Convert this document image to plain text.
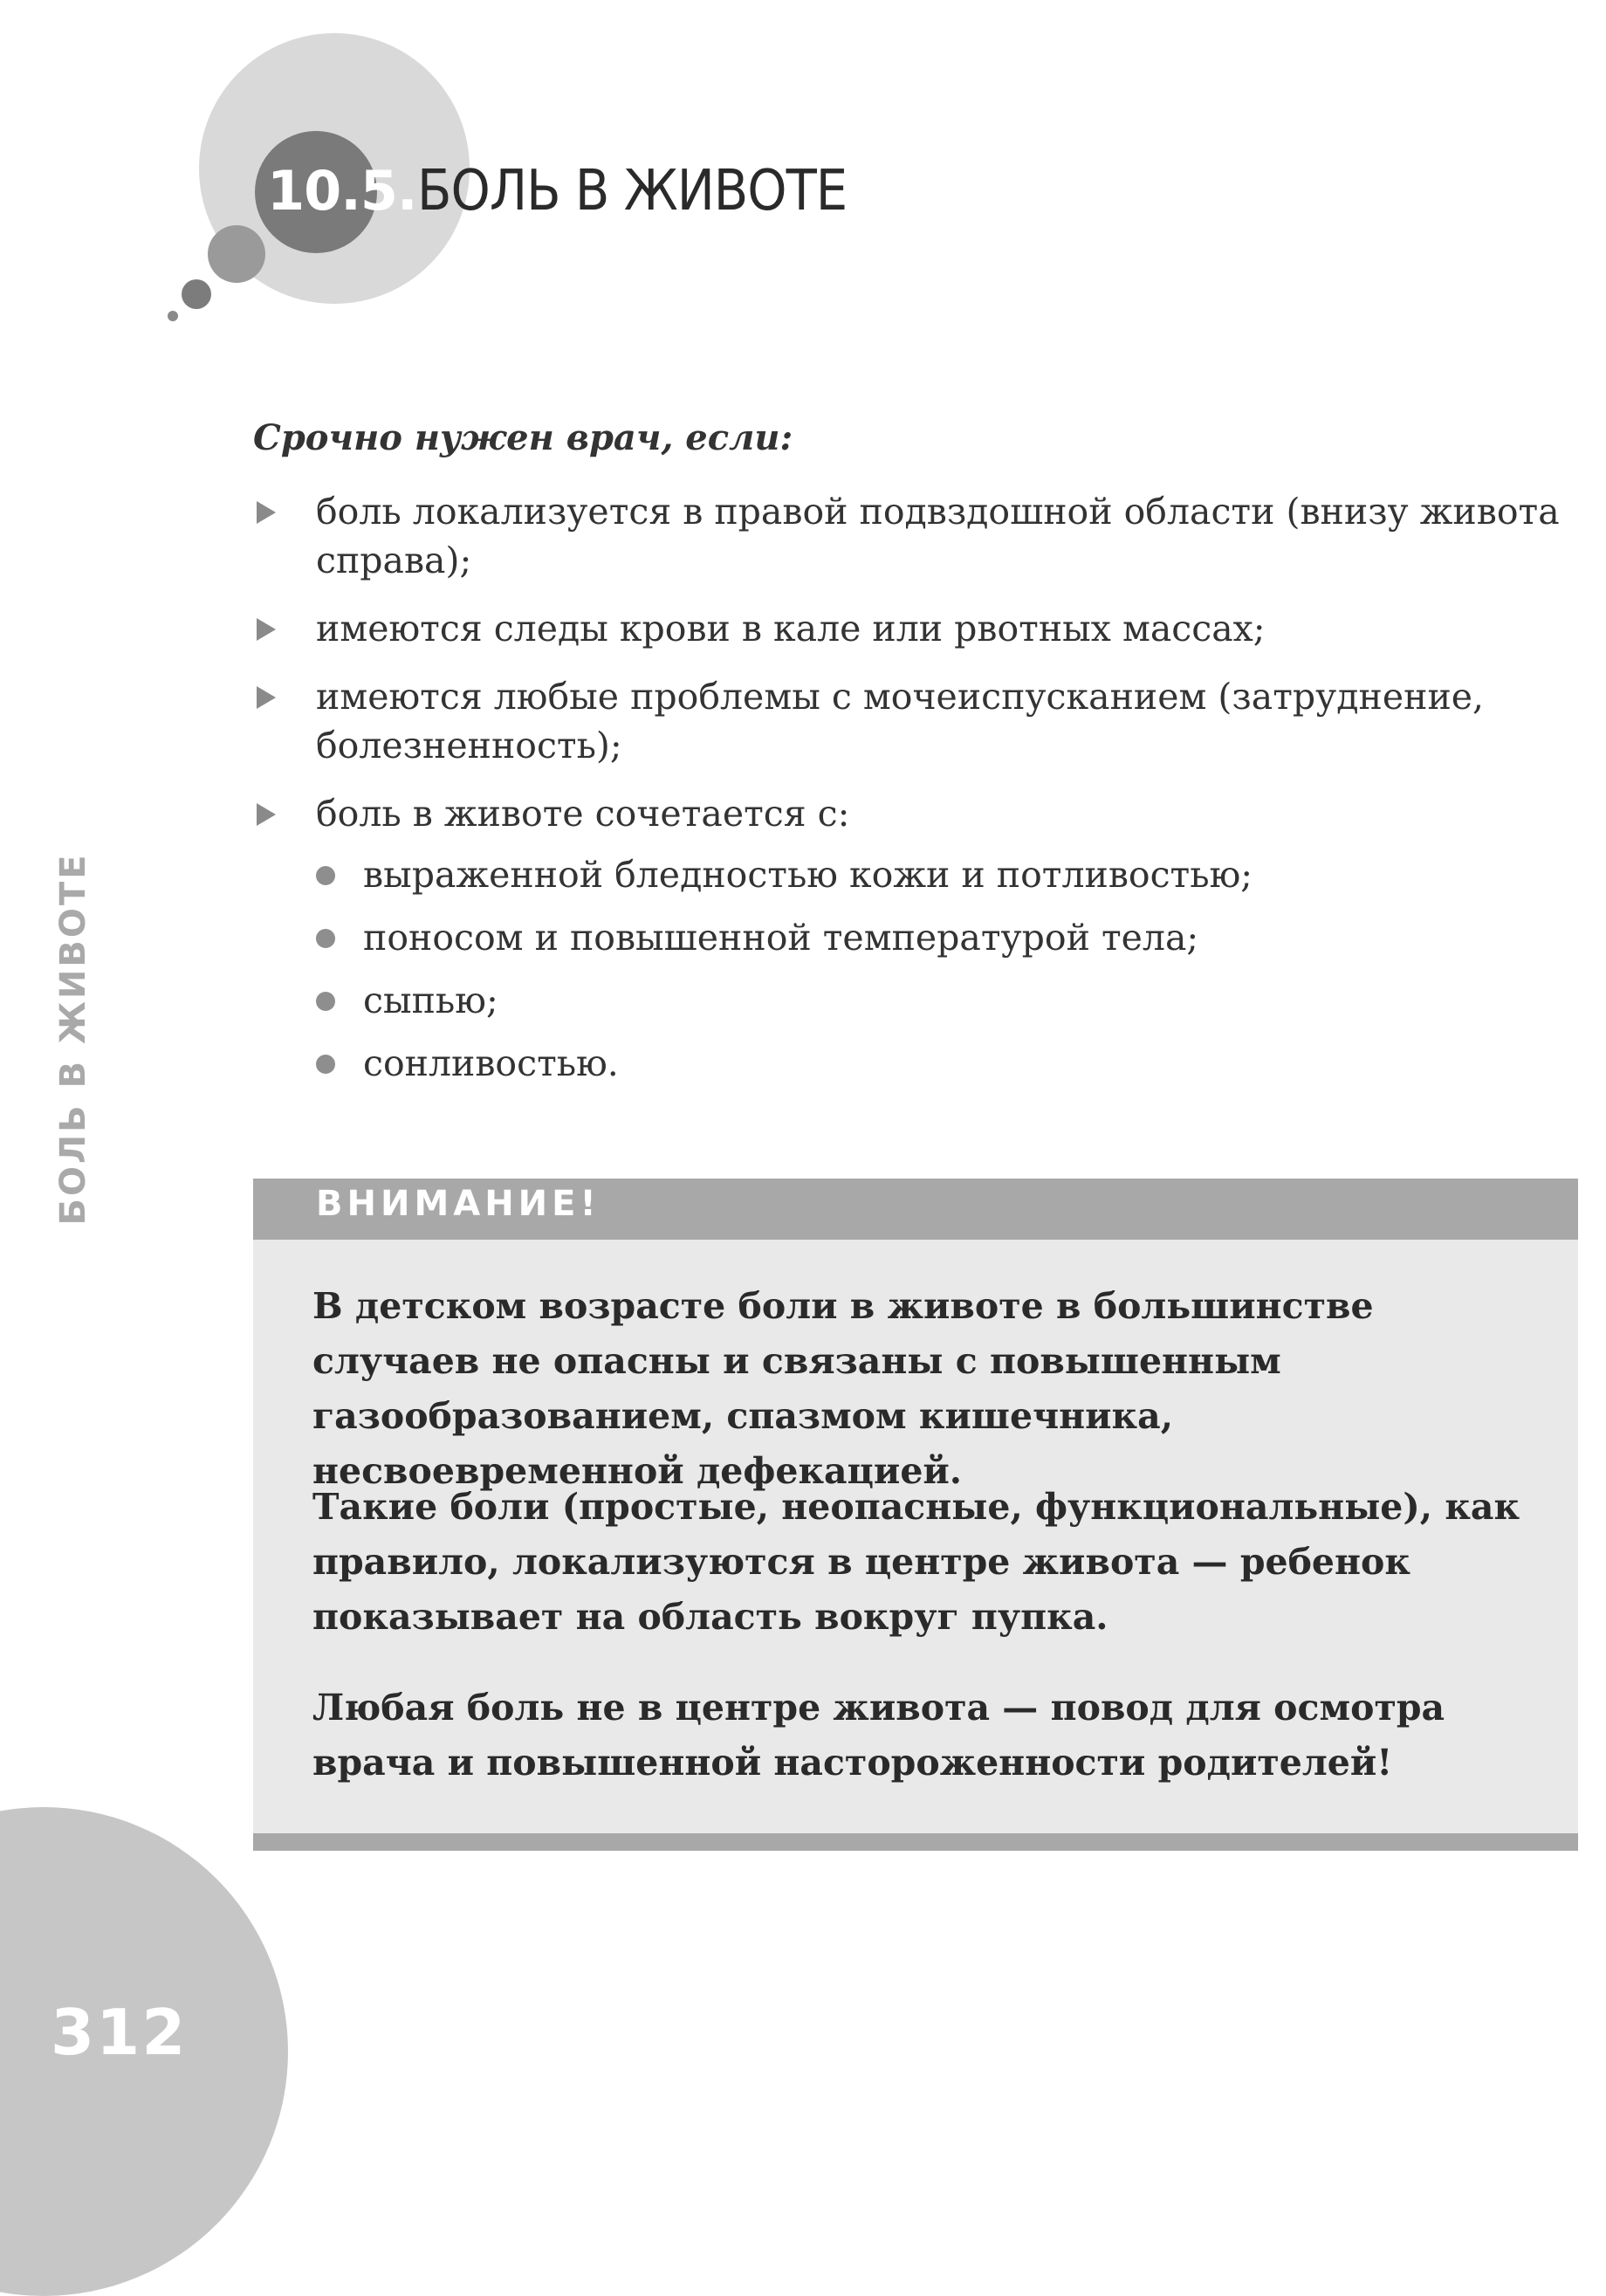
10.5. БОЛЬ В ЖИВОТЕ
Срочно нужен врач, если:
боль локализуется в правой подвздошной области (внизу живота справа);
имеются следы крови в кале или рвотных массах;
имеются любые проблемы с мочеиспусканием (затруднение, болезненность);
боль в животе сочетается с:
выраженной бледностью кожи и потливостью;
поносом и повышенной температурой тела;
сыпью;
сонливостью.
БОЛЬ В ЖИВОТЕ	ВНИМАНИЕ!
В детском возрасте боли в животе в большинстве случаев не опасны и связаны с повышенным газообразованием, спазмом кишечника, несвоевременной дефекацией.
Такие боли (простые, неопасные, функциональные), как правило, локализуются в центре живота — ребенок показывает на область вокруг пупка.
Любая боль не в центре живота — повод для осмотра врача и повышенной настороженности родителей!
312
